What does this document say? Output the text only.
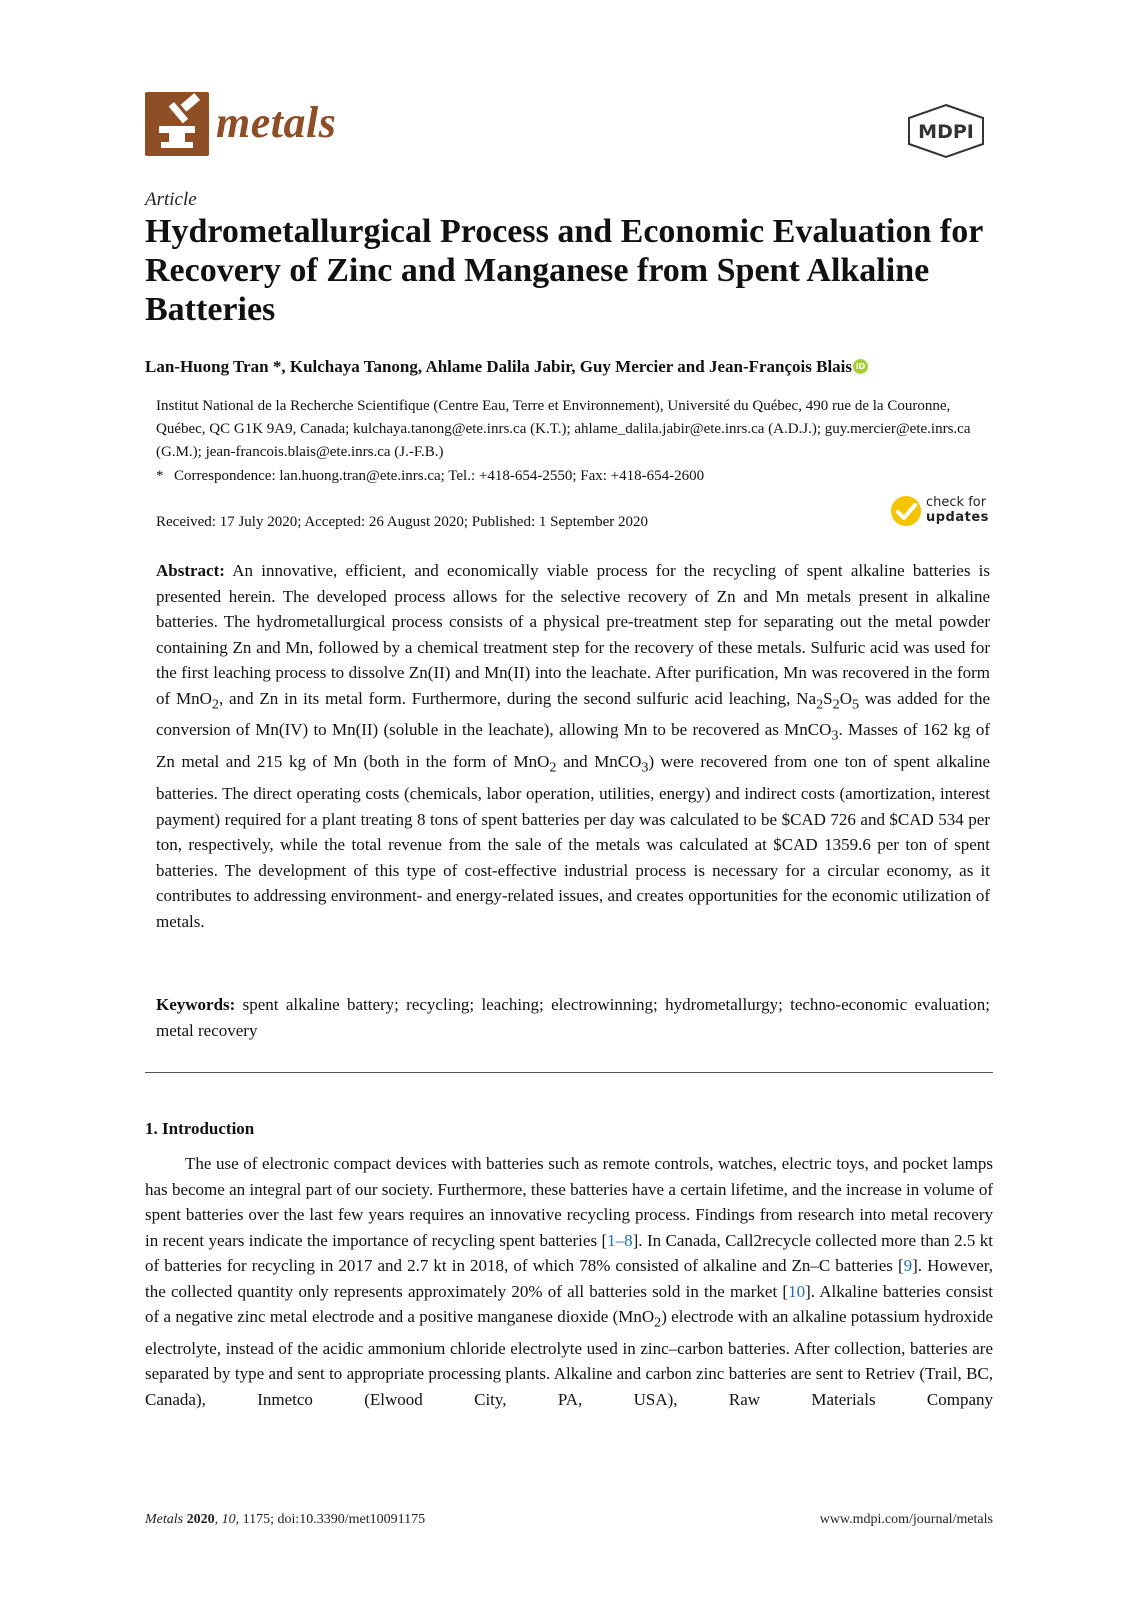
metals	MDPI
Article
Hydrometallurgical Process and Economic Evaluation for Recovery of Zinc and Manganese from Spent Alkaline Batteries
Lan-Huong Tran *, Kulchaya Tanong, Ahlame Dalila Jabir, Guy Mercier and Jean-François Blais iD
Institut National de la Recherche Scientifique (Centre Eau, Terre et Environnement), Université du Québec, 490 rue de la Couronne, Québec, QC G1K 9A9, Canada; kulchaya.tanong@ete.inrs.ca (K.T.); ahlame_dalila.jabir@ete.inrs.ca (A.D.J.); guy.mercier@ete.inrs.ca (G.M.); jean-francois.blais@ete.inrs.ca (J.-F.B.)
* Correspondence: lan.huong.tran@ete.inrs.ca; Tel.: +418-654-2550; Fax: +418-654-2600
Received: 17 July 2020; Accepted: 26 August 2020; Published: 1 September 2020
check for
updates
Abstract: An innovative, efficient, and economically viable process for the recycling of spent alkaline batteries is presented herein. The developed process allows for the selective recovery of Zn and Mn metals present in alkaline batteries. The hydrometallurgical process consists of a physical pre-treatment step for separating out the metal powder containing Zn and Mn, followed by a chemical treatment step for the recovery of these metals. Sulfuric acid was used for the first leaching process to dissolve Zn(II) and Mn(II) into the leachate. After purification, Mn was recovered in the form of MnO$_2$, and Zn in its metal form. Furthermore, during the second sulfuric acid leaching, $Na_2S_2O_5$ was added for the conversion of Mn(IV) to Mn(II) (soluble in the leachate), allowing Mn to be recovered as MnCO$_3$. Masses of 162 kg of Zn metal and 215 kg of Mn (both in the form of MnO$_2$ and MnCO$_3$) were recovered from one ton of spent alkaline batteries. The direct operating costs (chemicals, labor operation, utilities, energy) and indirect costs (amortization, interest payment) required for a plant treating 8 tons of spent batteries per day was calculated to be $CAD 726 and $CAD 534 per ton, respectively, while the total revenue from the sale of the metals was calculated at $CAD 1359.6 per ton of spent batteries. The development of this type of cost-effective industrial process is necessary for a circular economy, as it contributes to addressing environment- and energy-related issues, and creates opportunities for the economic utilization of metals.
Keywords: spent alkaline battery; recycling; leaching; electrowinning; hydrometallurgy; techno-economic evaluation; metal recovery
1. Introduction
The use of electronic compact devices with batteries such as remote controls, watches, electric toys, and pocket lamps has become an integral part of our society. Furthermore, these batteries have a certain lifetime, and the increase in volume of spent batteries over the last few years requires an innovative recycling process. Findings from research into metal recovery in recent years indicate the importance of recycling spent batteries [1–8]. In Canada, Call2recycle collected more than 2.5 kt of batteries for recycling in 2017 and 2.7 kt in 2018, of which 78% consisted of alkaline and Zn–C batteries [9]. However, the collected quantity only represents approximately 20% of all batteries sold in the market [10]. Alkaline batteries consist of a negative zinc metal electrode and a positive manganese dioxide (MnO$_2$) electrode with an alkaline potassium hydroxide electrolyte, instead of the acidic ammonium chloride electrolyte used in zinc–carbon batteries. After collection, batteries are separated by type and sent to appropriate processing plants. Alkaline and carbon zinc batteries are sent to Retriev (Trail, BC, Canada), Inmetco (Elwood City, PA, USA), Raw Materials Company
Metals 2020, 10, 1175; doi:10.3390/met10091175	www.mdpi.com/journal/metals
